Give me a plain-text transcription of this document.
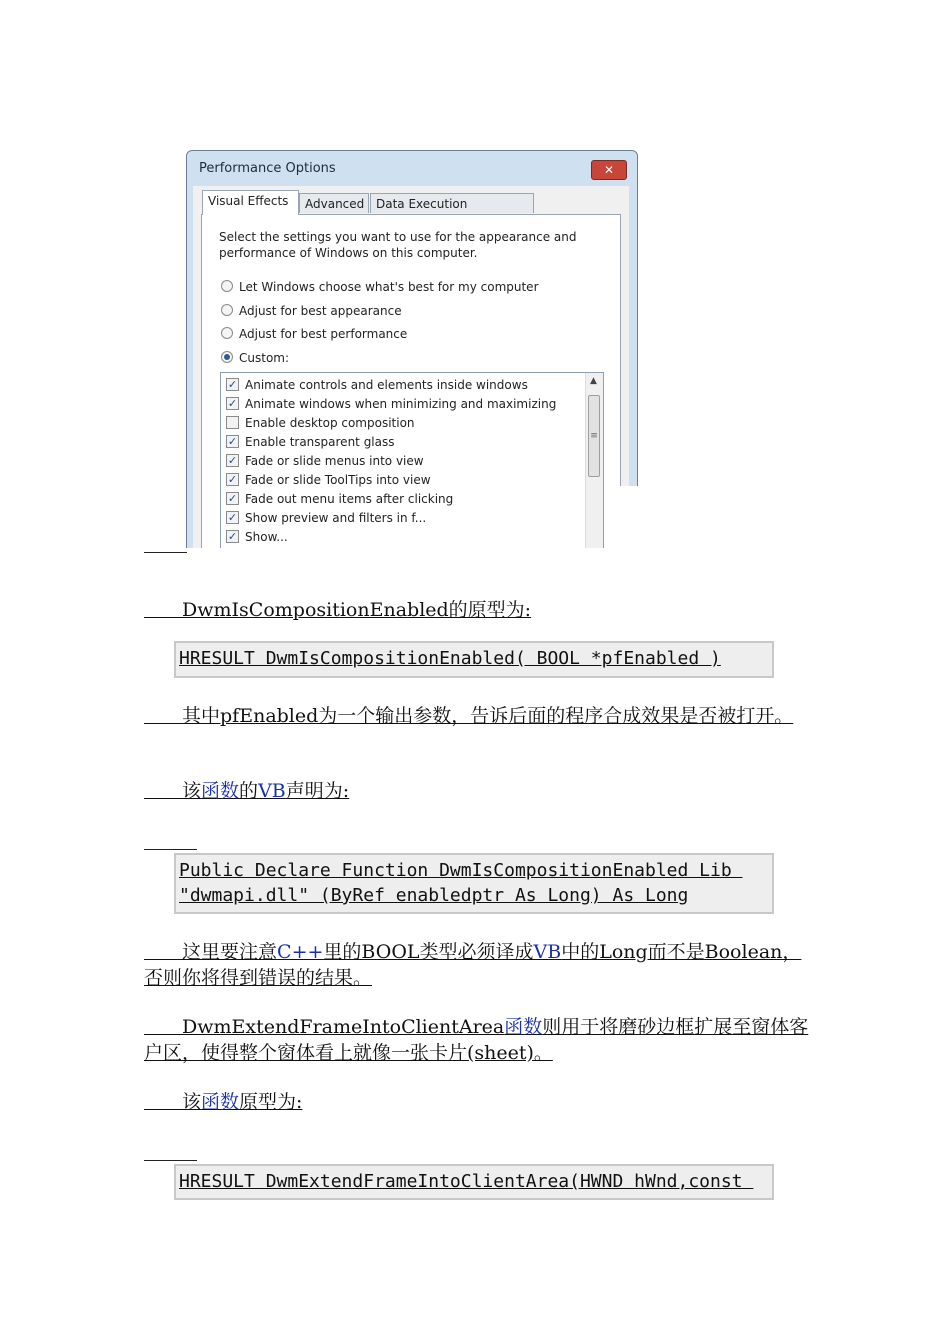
Performance Options	✕
Visual Effects	Advanced Data Execution
Select the settings you want to use for the appearance and performance of Windows on this computer.
Let Windows choose what's best for my computer
Adjust for best appearance
Adjust for best performance
Custom:
✓ Animate controls and elements inside windows
✓ Animate windows when minimizing and maximizing
Enable desktop composition
✓ Enable transparent glass
✓ Fade or slide menus into view
✓ Fade or slide ToolTips into view
✓ Fade out menu items after clicking
✓ Show preview and filters in f...
✓ Show...
▲
≡
　　DwmIsCompositionEnabled的原型为:
HRESULT DwmIsCompositionEnabled( BOOL *pfEnabled )
　　其中pfEnabled为一个输出参数，告诉后面的程序合成效果是否被打开。
　　该函数的VB声明为:
Public Declare Function DwmIsCompositionEnabled Lib
"dwmapi.dll" (ByRef enabledptr As Long) As Long
　　这里要注意C++里的BOOL类型必须译成VB中的Long而不是Boolean，否则你将得到错误的结果。
　　DwmExtendFrameIntoClientArea函数则用于将磨砂边框扩展至窗体客户区，使得整个窗体看上就像一张卡片(sheet)。
　　该函数原型为:
HRESULT DwmExtendFrameIntoClientArea(HWND hWnd,const
